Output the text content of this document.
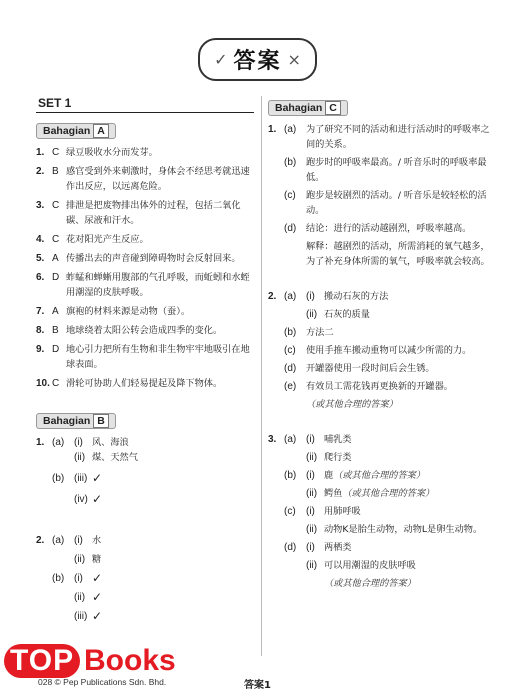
✓ 答案 ×
SET 1
Bahagian A
1. C 绿豆吸收水分而发芽。
2. B 感官受到外来刺激时，身体会不经思考就迅速作出反应，以远离危险。
3. C 排泄是把废物排出体外的过程，包括二氧化碳、尿液和汗水。
4. C 花对阳光产生反应。
5. A 传播出去的声音碰到障碍物时会反射回来。
6. D 蚱蜢和蝉蜥用腹部的气孔呼吸，而蚯蚓和水蛭用潮湿的皮肤呼吸。
7. A 旗袍的材料来源是动物（蚕）。
8. B 地球绕着太阳公转会造成四季的变化。
9. D 地心引力把所有生物和非生物牢牢地吸引在地球表面。
10. C 滑轮可协助人们轻易提起及降下物体。
Bahagian B
1. (a) (i) 风、海浪
(ii) 煤、天然气
(b) (iii) ✓
(iv) ✓
2. (a) (i) 水
(ii) 糖
(b) (i) ✓
(ii) ✓
(iii) ✓
Bahagian C
1. (a)	为了研究不同的活动和进行活动时的呼吸率之间的关系。
(b)	跑步时的呼吸率最高。/ 听音乐时的呼吸率最低。
(c)	跑步是较剧烈的活动。/ 听音乐是较轻松的活动。
(d)	结论：进行的活动越剧烈，呼吸率越高。
解释：越剧烈的活动，所需消耗的氧气越多，为了补充身体所需的氧气，呼吸率就会较高。
2. (a) (i) 搬动石灰的方法
(ii) 石灰的质量
(b)	方法二
(c)	使用手推车搬动重物可以减少所需的力。
(d)	开罐器使用一段时间后会生锈。
(e)	有效员工需花钱再更换新的开罐器。
（或其他合理的答案）
3. (a) (i) 哺乳类
(ii) 爬行类
(b) (i) 鹿（或其他合理的答案）
(ii) 鳄鱼（或其他合理的答案）
(c)	(i) 用肺呼吸
(ii) 动物K是胎生动物，动物L是卵生动物。
(d) (i) 两栖类
(ii) 可以用潮湿的皮肤呼吸
（或其他合理的答案）
TOP Books
028 © Pep Publications Sdn. Bhd.	答案1
